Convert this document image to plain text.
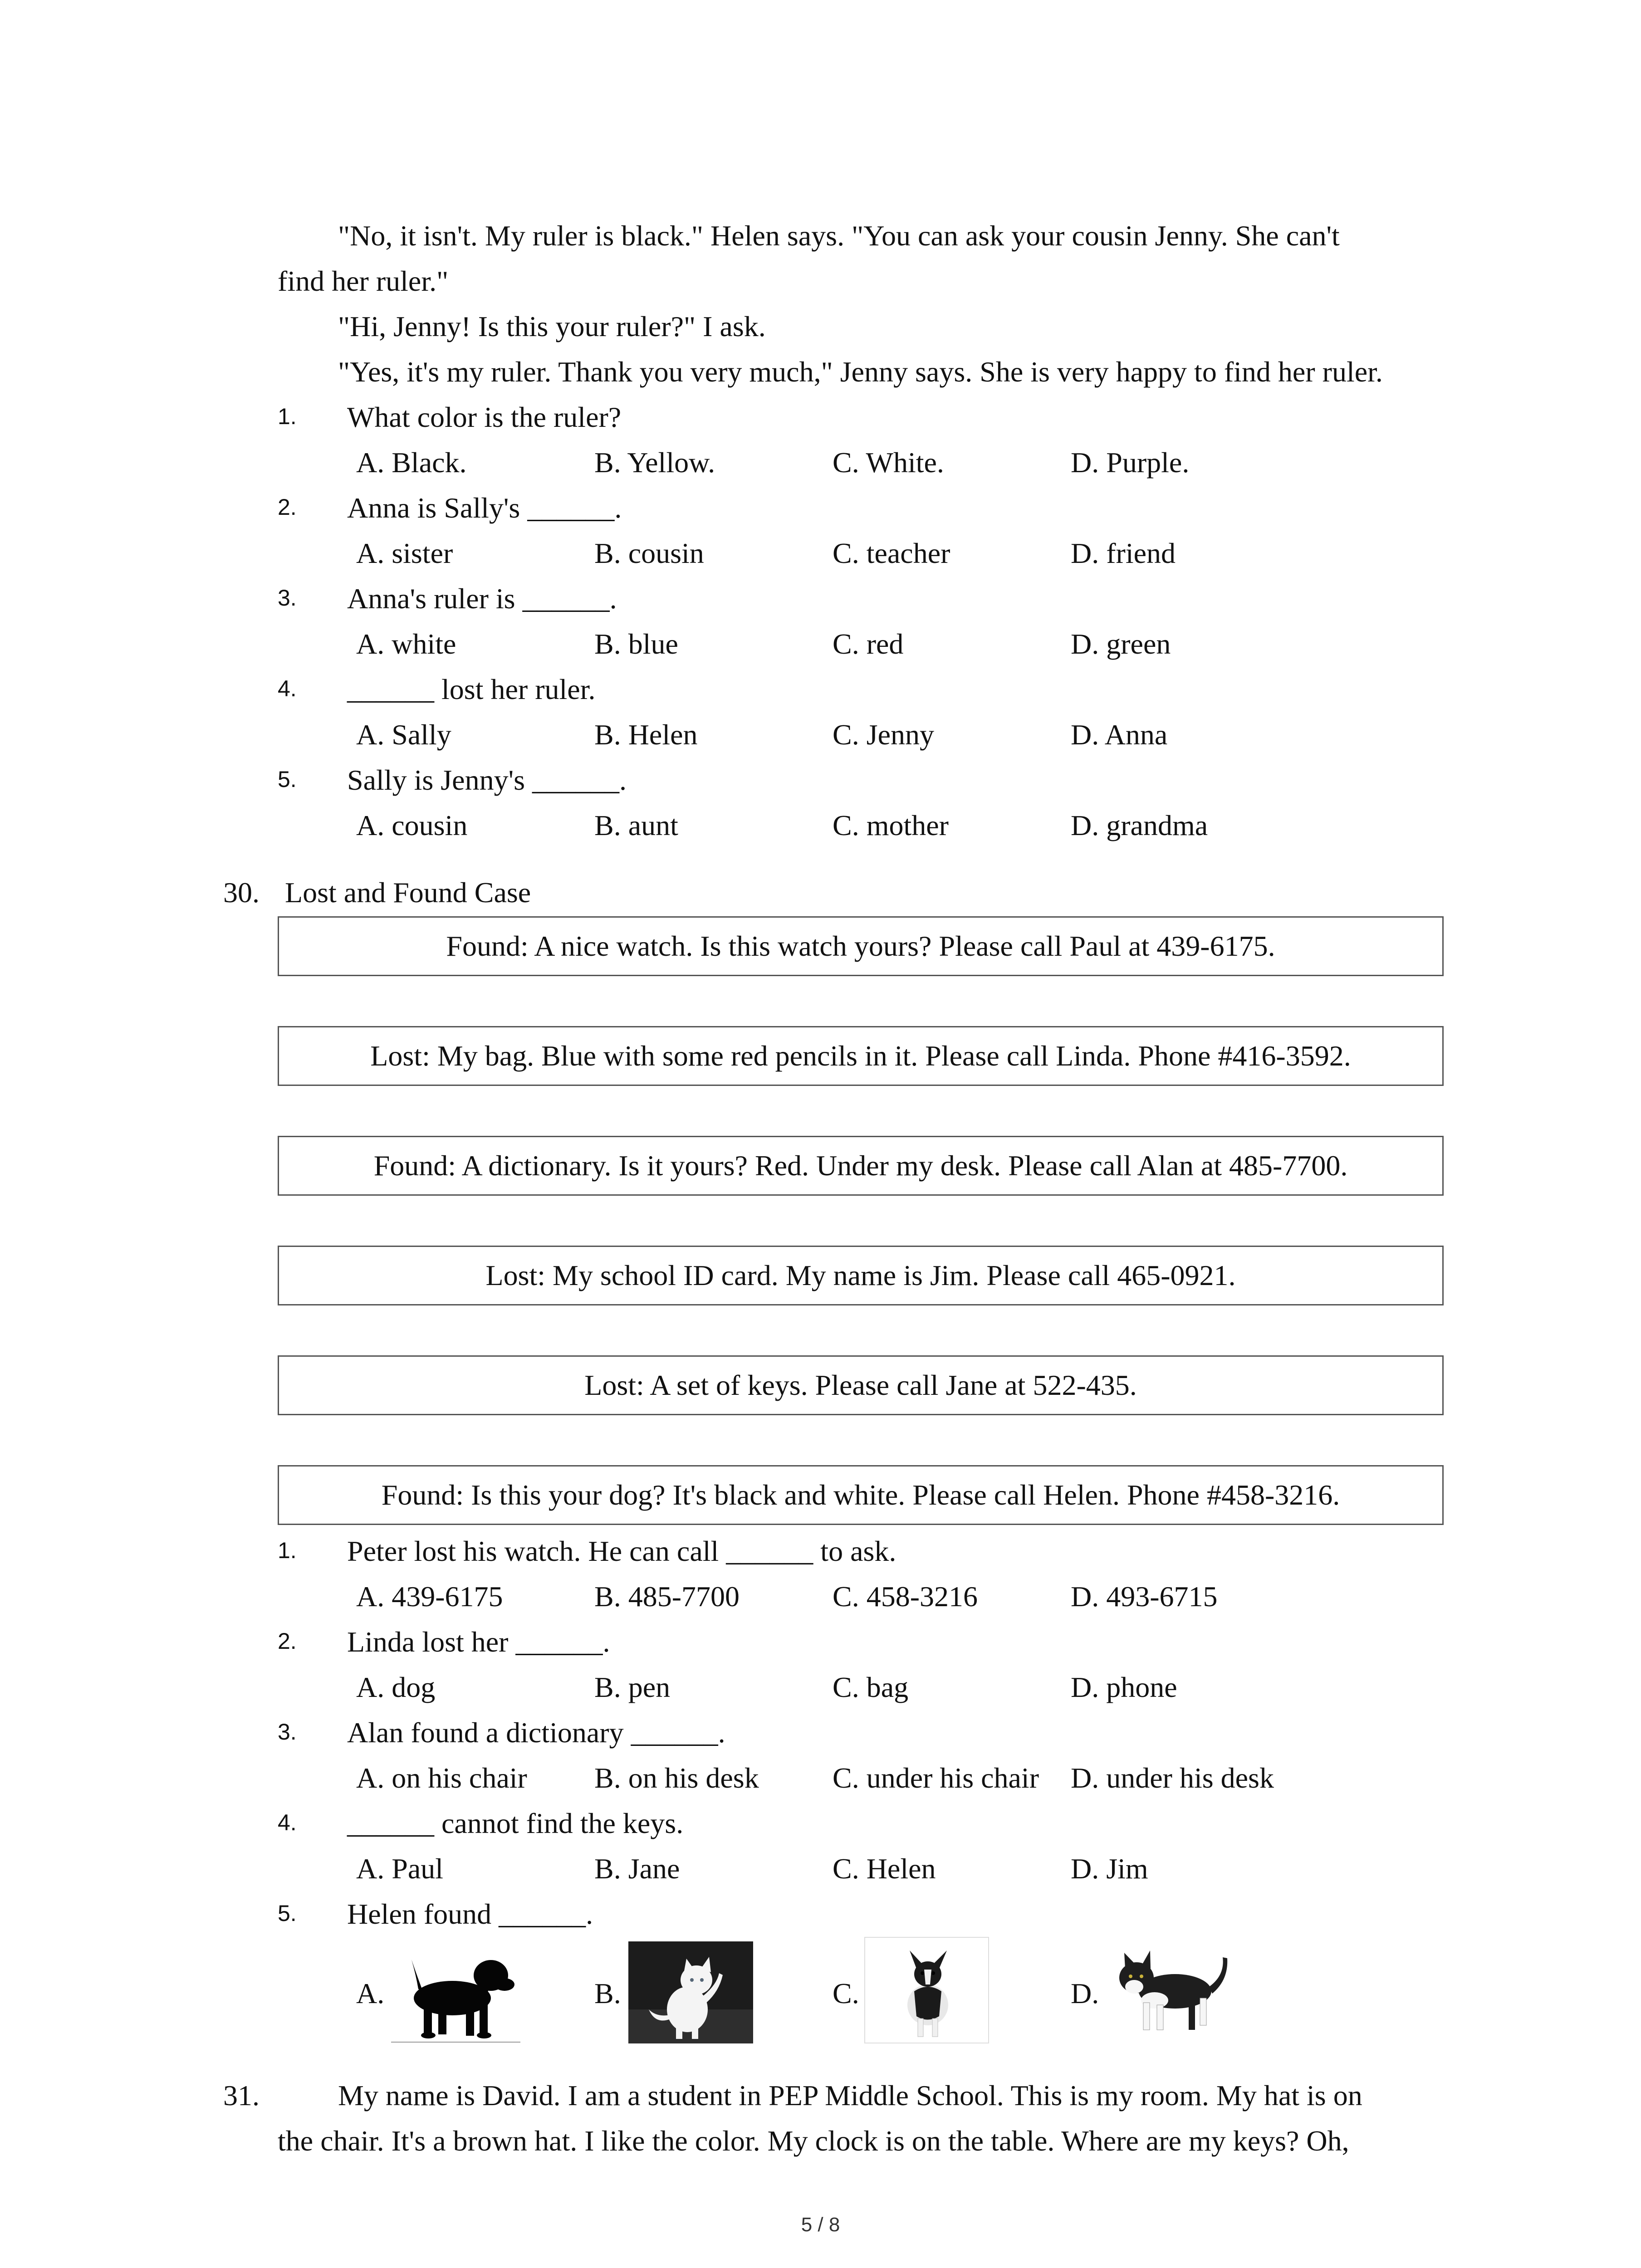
"No, it isn't. My ruler is black." Helen says. "You can ask your cousin Jenny. She can't
find her ruler."
"Hi, Jenny! Is this your ruler?" I ask.
"Yes, it's my ruler. Thank you very much," Jenny says. She is very happy to find her ruler.
1. What color is the ruler?
A. Black.	B. Yellow.	C. White.	D. Purple.
2. Anna is Sally's ______.
A. sister	B. cousin	C. teacher	D. friend
3. Anna's ruler is ______.
A. white	B. blue	C. red	D. green
4. ______ lost her ruler.
A. Sally	B. Helen	C. Jenny	D. Anna
5. Sally is Jenny's ______.
A. cousin	B. aunt	C. mother	D. grandma
30. Lost and Found Case
Found: A nice watch. Is this watch yours? Please call Paul at 439-6175.
Lost: My bag. Blue with some red pencils in it. Please call Linda. Phone #416-3592.
Found: A dictionary. Is it yours? Red. Under my desk. Please call Alan at 485-7700.
Lost: My school ID card. My name is Jim. Please call 465-0921.
Lost: A set of keys. Please call Jane at 522-435.
Found: Is this your dog? It's black and white. Please call Helen. Phone #458-3216.
1. Peter lost his watch. He can call ______ to ask.
A. 439-6175	B. 485-7700	C. 458-3216	D. 493-6715
2. Linda lost her ______.
A. dog	B. pen	C. bag	D. phone
3. Alan found a dictionary ______.
A. on his chair B. on his desk	C. under his chair D. under his desk
4. ______ cannot find the keys.
A. Paul	B. Jane	C. Helen	D. Jim
5. Helen found ______.
A.	B.	C.	D.
31.	My name is David. I am a student in PEP Middle School. This is my room. My hat is on
the chair. It's a brown hat. I like the color. My clock is on the table. Where are my keys? Oh,
5 / 8
